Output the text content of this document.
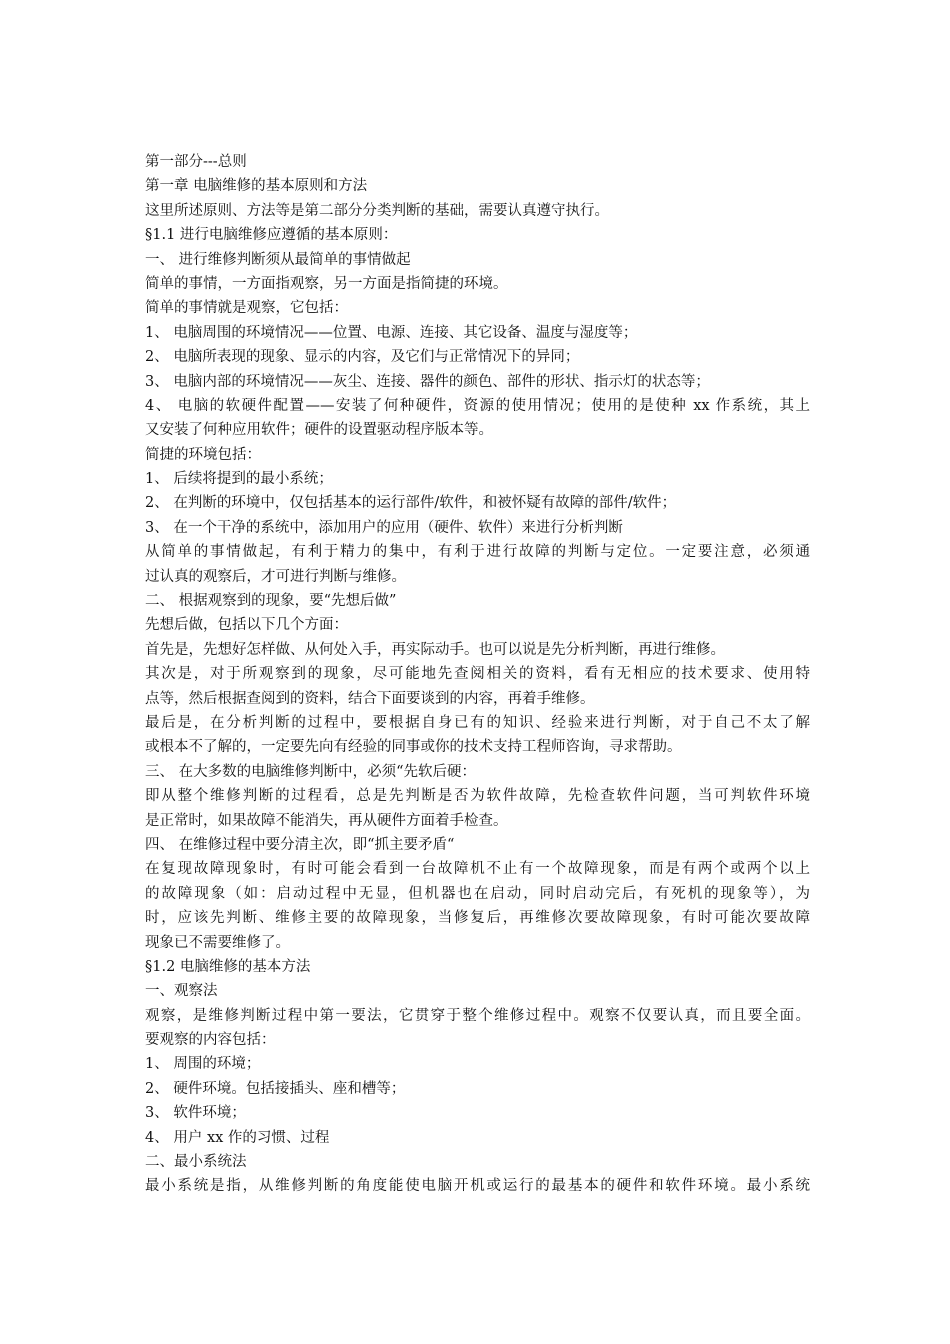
第一部分---总则
第一章 电脑维修的基本原则和方法
这里所述原则、方法等是第二部分分类判断的基础，需要认真遵守执行。
§1.1 进行电脑维修应遵循的基本原则：
一、 进行维修判断须从最简单的事情做起
简单的事情，一方面指观察，另一方面是指简捷的环境。
简单的事情就是观察，它包括：
1、 电脑周围的环境情况——位置、电源、连接、其它设备、温度与湿度等；
2、 电脑所表现的现象、显示的内容，及它们与正常情况下的异同；
3、 电脑内部的环境情况——灰尘、连接、器件的颜色、部件的形状、指示灯的状态等；
4、 电脑的软硬件配置——安装了何种硬件，资源的使用情况；使用的是使种 xx 作系统，其上
又安装了何种应用软件；硬件的设置驱动程序版本等。
简捷的环境包括：
1、 后续将提到的最小系统；
2、 在判断的环境中，仅包括基本的运行部件/软件，和被怀疑有故障的部件/软件；
3、 在一个干净的系统中，添加用户的应用（硬件、软件）来进行分析判断
从简单的事情做起，有利于精力的集中，有利于进行故障的判断与定位。一定要注意，必须通
过认真的观察后，才可进行判断与维修。
二、 根据观察到的现象，要“先想后做”
先想后做，包括以下几个方面：
首先是，先想好怎样做、从何处入手，再实际动手。也可以说是先分析判断，再进行维修。
其次是，对于所观察到的现象，尽可能地先查阅相关的资料，看有无相应的技术要求、使用特
点等，然后根据查阅到的资料，结合下面要谈到的内容，再着手维修。
最后是，在分析判断的过程中，要根据自身已有的知识、经验来进行判断，对于自己不太了解
或根本不了解的，一定要先向有经验的同事或你的技术支持工程师咨询，寻求帮助。
三、 在大多数的电脑维修判断中，必须“先软后硬：
即从整个维修判断的过程看，总是先判断是否为软件故障，先检查软件问题，当可判软件环境
是正常时，如果故障不能消失，再从硬件方面着手检查。
四、 在维修过程中要分清主次，即“抓主要矛盾“
在复现故障现象时，有时可能会看到一台故障机不止有一个故障现象，而是有两个或两个以上
的故障现象（如：启动过程中无显，但机器也在启动，同时启动完后，有死机的现象等），为
时，应该先判断、维修主要的故障现象，当修复后，再维修次要故障现象，有时可能次要故障
现象已不需要维修了。
§1.2 电脑维修的基本方法
一、观察法
观察，是维修判断过程中第一要法，它贯穿于整个维修过程中。观察不仅要认真，而且要全面。
要观察的内容包括：
1、 周围的环境；
2、 硬件环境。包括接插头、座和槽等；
3、 软件环境；
4、 用户 xx 作的习惯、过程
二、最小系统法
最小系统是指，从维修判断的角度能使电脑开机或运行的最基本的硬件和软件环境。最小系统
